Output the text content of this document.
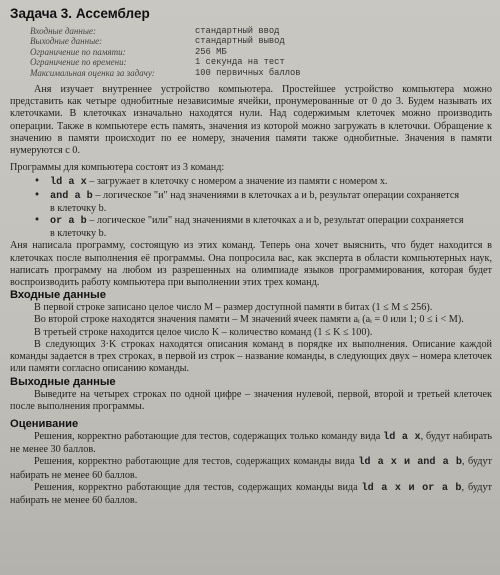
Задача 3. Ассемблер
Входные данные:	стандартный ввод
Выходные данные:	стандартный вывод
Ограничение по памяти:	256 МБ
Ограничение по времени:	1 секунда на тест
Максимальная оценка за задачу:	100 первичных баллов

Аня изучает внутреннее устройство компьютера. Простейшее устройство компьютера можно представить как четыре однобитные независимые ячейки, пронумерованные от 0 до 3. Будем называть их клеточками. В клеточках изначально находятся нули. Над содержимым клеточек можно производить операции. Также в компьютере есть память, значения из которой можно загружать в клеточки. Обращение к значению в памяти происходит по ее номеру, значения памяти также однобитные. Значения в памяти нумеруются с 0.

Программы для компьютера состоят из 3 команд:

• ld a x – загружает в клеточку с номером a значение из памяти с номером x.
• and a b – логическое "и" над значениями в клеточках a и b, результат операции сохраняется
в клеточку b.
• or a b – логическое "или" над значениями в клеточках a и b, результат операции сохраняется
в клеточку b.

Аня написала программу, состоящую из этих команд. Теперь она хочет выяснить, что будет находится в клеточках после выполнения её программы. Она попросила вас, как эксперта в области компьютерных наук, написать программу на любом из разрешенных на олимпиаде языков программирования, которая будет воспроизводить работу компьютера при выполнении этих трех команд.

Входные данные

В первой строке записано целое число M – размер доступной памяти в битах (1 ≤ M ≤ 256).

Во второй строке находятся значения памяти – M значений ячеек памяти aᵢ (aᵢ = 0 или 1; 0 ≤ i < M).

В третьей строке находится целое число K – количество команд (1 ≤ K ≤ 100).

В следующих 3·K строках находятся описания команд в порядке их выполнения. Описание каждой команды задается в трех строках, в первой из строк – название команды, в следующих двух – номера клеточек или памяти согласно описанию команды.

Выходные данные

Выведите на четырех строках по одной цифре – значения нулевой, первой, второй и третьей клеточек после выполнения программы.

Оценивание

Решения, корректно работающие для тестов, содержащих только команду вида ld a x, будут набирать не менее 30 баллов.

Решения, корректно работающие для тестов, содержащих команды вида ld a x и and a b, будут набирать не менее 60 баллов.

Решения, корректно работающие для тестов, содержащих команды вида ld a x и or a b, будут набирать не менее 60 баллов.
